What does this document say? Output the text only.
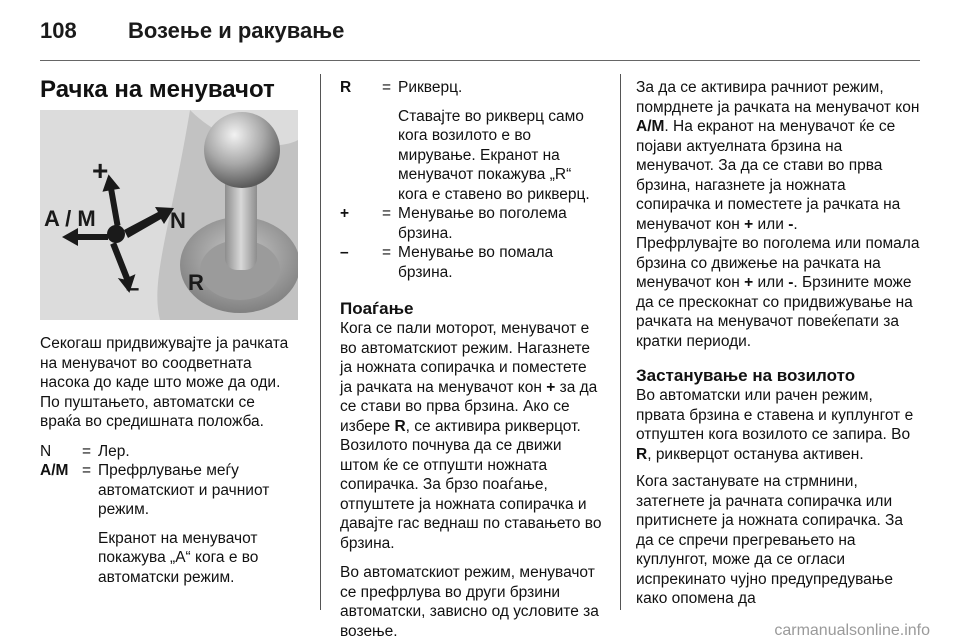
108 Возење и ракување
Рачка на менувачот
A / M
+
N
– R

Секогаш придвижувајте ја рачката на менувачот во соодветната насока до каде што може да оди. По пуштањето, автоматски се враќа во средишната положба.

N	= Лер.

A/M = Префрлување меѓу автоматскиот и рачниот режим.

Екранот на менувачот покажува „A“ кога е во автоматски режим.

R	= Рикверц.

Ставајте во рикверц само кога возилото е во мирување. Екранот на менувачот покажува „R“ кога е ставено во рикверц.

+	= Менување во поголема брзина.

–	= Менување во помала брзина.

Поаѓање

Кога се пали моторот, менувачот е во автоматскиот режим. Нагазнете ја ножната сопирачка и поместете ја рачката на менувачот кон + за да се стави во прва брзина. Ако се избере R, се активира рикверцот. Возилото почнува да се движи штом ќе се отпушти ножната сопирачка. За брзо поаѓање, отпуштете ја ножната сопирачка и давајте гас веднаш по ставањето во брзина.

Во автоматскиот режим, менувачот се префрлува во други брзини автоматски, зависно од условите за возење.

За да се активира рачниот режим, помрднете ја рачката на менувачот кон A/M. На екранот на менувачот ќе се појави актуелната брзина на менувачот. За да се стави во прва брзина, нагазнете ја ножната сопирачка и поместете ја рачката на менувачот кон + или -.

Префрлувајте во поголема или помала брзина со движење на рачката на менувачот кон + или -. Брзините може да се прескокнат со придвижување на рачката на менувачот повеќепати за кратки периоди.

Застанување на возилото

Во автоматски или рачен режим, првата брзина е ставена и куплунгот е отпуштен кога возилото се запира. Во R, рикверцот останува активен.

Кога застанувате на стрмнини, затегнете ја рачната сопирачка или притиснете ја ножната сопирачка. За да се спречи прегревањето на куплунгот, може да се огласи испрекинато чујно предупредување како опомена да

carmanualsonline.info
